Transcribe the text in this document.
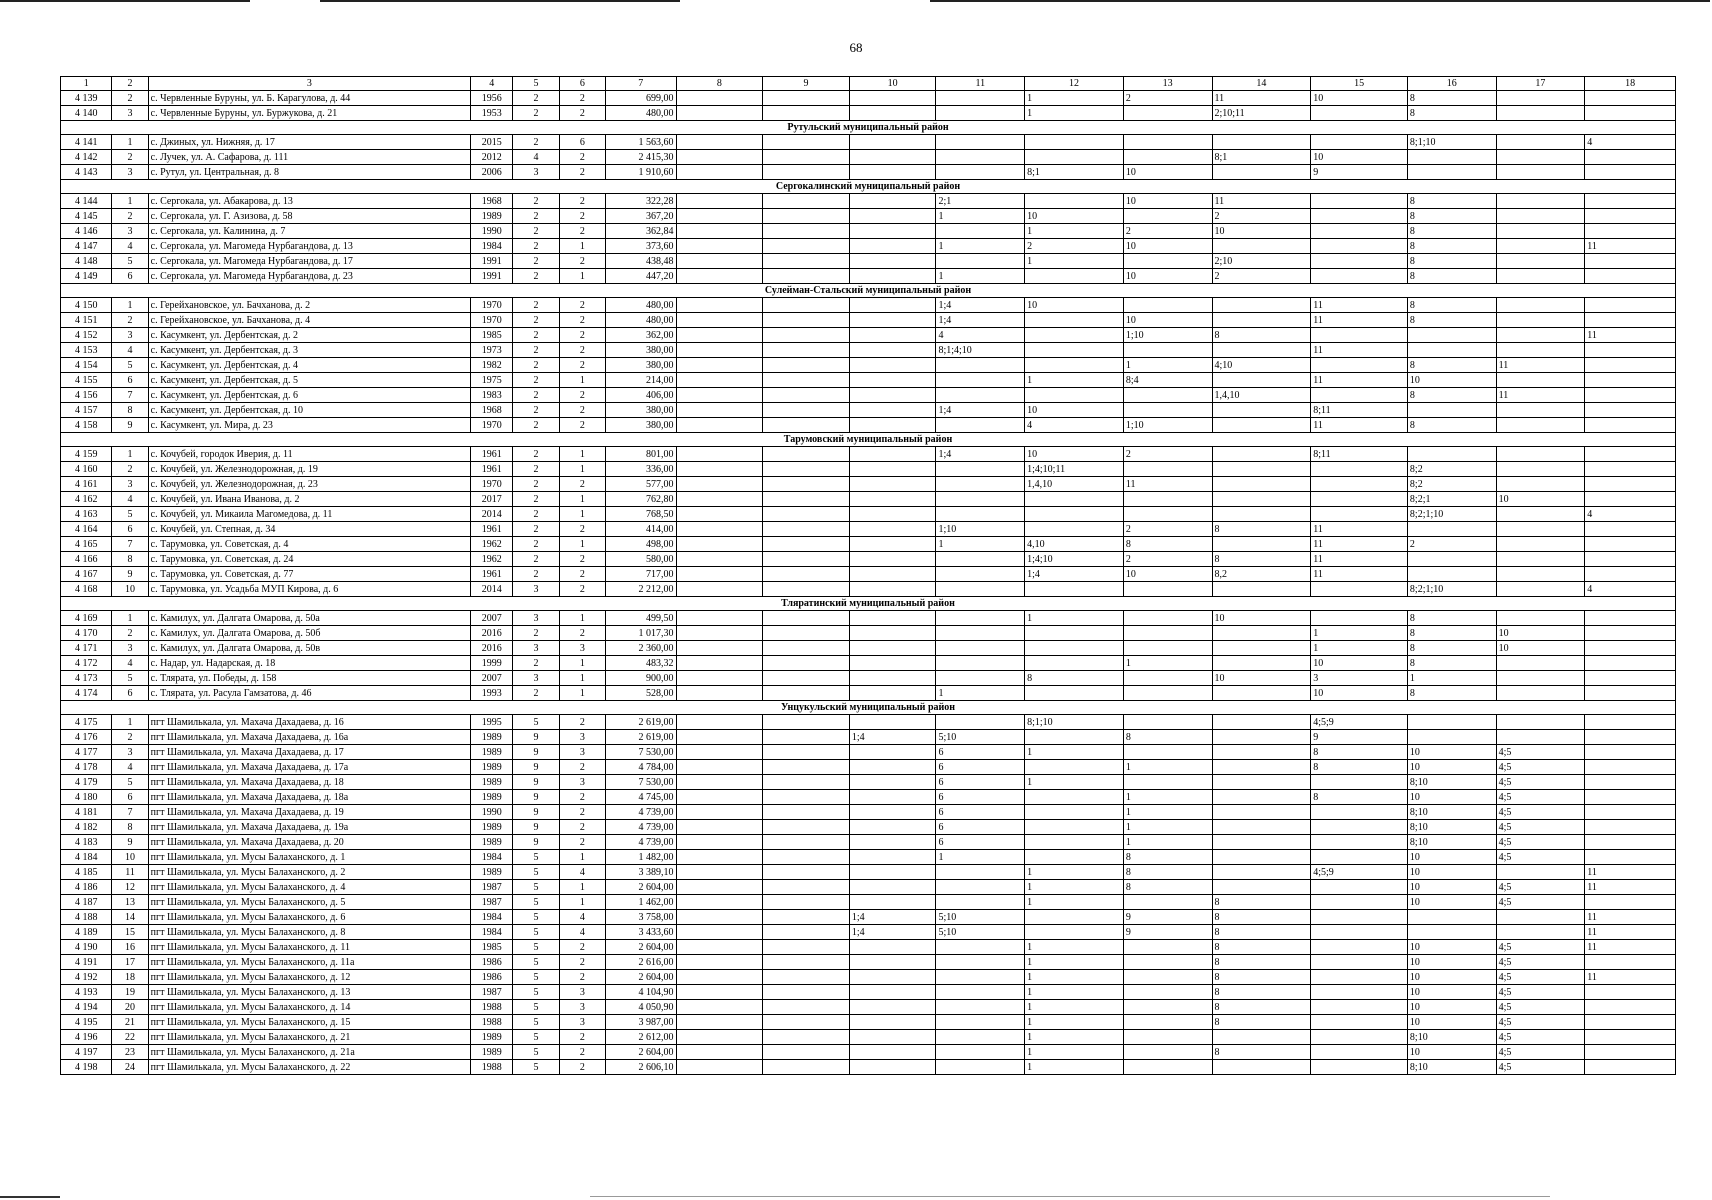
68
1	2	3	4	5	6	7	8	9	10	11	12	13	14	15	16	17	18
4 139	2	с. Червленные Буруны, ул. Б. Карагулова, д. 44	1956	2	2	699,00					1	2	11	10	8		
4 140	3	с. Червленные Буруны, ул. Буржукова, д. 21	1953	2	2	480,00					1		2;10;11		8		
Рутульский муниципальный район																	
4 141	1	с. Джиных, ул. Нижняя, д. 17	2015	2	6	1 563,60									8;1;10		4
4 142	2	с. Лучек, ул. А. Сафарова, д. 111	2012	4	2	2 415,30							8;1	10			
4 143	3	с. Рутул, ул. Центральная, д. 8	2006	3	2	1 910,60					8;1	10		9			
Сергокалинский муниципальный район																	
4 144	1	с. Сергокала, ул. Абакарова, д. 13	1968	2	2	322,28				2;1		10	11		8		
4 145	2	с. Сергокала, ул. Г. Азизова, д. 58	1989	2	2	367,20				1	10		2		8		
4 146	3	с. Сергокала, ул. Калинина, д. 7	1990	2	2	362,84					1	2	10		8		
4 147	4	с. Сергокала, ул. Магомеда Нурбагандова, д. 13	1984	2	1	373,60				1	2	10			8		11
4 148	5	с. Сергокала, ул. Магомеда Нурбагандова, д. 17	1991	2	2	438,48					1		2;10		8		
4 149	6	с. Сергокала, ул. Магомеда Нурбагандова, д. 23	1991	2	1	447,20				1		10	2		8		
Сулейман-Стальский муниципальный район																	
4 150	1	с. Герейхановское, ул. Бачханова, д. 2	1970	2	2	480,00				1;4	10			11	8		
4 151	2	с. Герейхановское, ул. Бачханова, д. 4	1970	2	2	480,00				1;4		10		11	8		
4 152	3	с. Касумкент, ул. Дербентская, д. 2	1985	2	2	362,00				4		1;10	8				11
4 153	4	с. Касумкент, ул. Дербентская, д. 3	1973	2	2	380,00				8;1;4;10				11			
4 154	5	с. Касумкент, ул. Дербентская, д. 4	1982	2	2	380,00						1	4;10		8	11	
4 155	6	с. Касумкент, ул. Дербентская, д. 5	1975	2	1	214,00					1	8;4		11	10		
4 156	7	с. Касумкент, ул. Дербентская, д. 6	1983	2	2	406,00							1,4,10		8	11	
4 157	8	с. Касумкент, ул. Дербентская, д. 10	1968	2	2	380,00				1;4	10			8;11			
4 158	9	с. Касумкент, ул. Мира, д. 23	1970	2	2	380,00					4	1;10		11	8		
Тарумовский муниципальный район																	
4 159	1	с. Кочубей, городок Иверия, д. 11	1961	2	1	801,00				1;4	10	2		8;11			
4 160	2	с. Кочубей, ул. Железнодорожная, д. 19	1961	2	1	336,00					1;4;10;11				8;2		
4 161	3	с. Кочубей, ул. Железнодорожная, д. 23	1970	2	2	577,00					1,4,10	11			8;2		
4 162	4	с. Кочубей, ул. Ивана Иванова, д. 2	2017	2	1	762,80									8;2;1	10	
4 163	5	с. Кочубей, ул. Микаила Магомедова, д. 11	2014	2	1	768,50									8;2;1;10		4
4 164	6	с. Кочубей, ул. Степная, д. 34	1961	2	2	414,00				1;10		2	8	11			
4 165	7	с. Тарумовка, ул. Советская, д. 4	1962	2	1	498,00				1	4,10	8		11	2		
4 166	8	с. Тарумовка, ул. Советская, д. 24	1962	2	2	580,00					1;4;10	2	8	11			
4 167	9	с. Тарумовка, ул. Советская, д. 77	1961	2	2	717,00					1;4	10	8,2	11			
4 168	10	с. Тарумовка, ул. Усадьба МУП Кирова, д. 6	2014	3	2	2 212,00									8;2;1;10		4
Тляратинский муниципальный район																	
4 169	1	с. Камилух, ул. Далгата Омарова, д. 50а	2007	3	1	499,50					1		10		8		
4 170	2	с. Камилух, ул. Далгата Омарова, д. 50б	2016	2	2	1 017,30								1	8	10	
4 171	3	с. Камилух, ул. Далгата Омарова, д. 50в	2016	3	3	2 360,00								1	8	10	
4 172	4	с. Надар, ул. Надарская, д. 18	1999	2	1	483,32						1		10	8		
4 173	5	с. Тлярата, ул. Победы, д. 158	2007	3	1	900,00					8		10	3	1		
4 174	6	с. Тлярата, ул. Расула Гамзатова, д. 46	1993	2	1	528,00				1				10	8		
Унцукульский муниципальный район																	
4 175	1	пгт Шамилькала, ул. Махача Дахадаева, д. 16	1995	5	2	2 619,00					8;1;10			4;5;9			
4 176	2	пгт Шамилькала, ул. Махача Дахадаева, д. 16а	1989	9	3	2 619,00			1;4	5;10		8		9			
4 177	3	пгт Шамилькала, ул. Махача Дахадаева, д. 17	1989	9	3	7 530,00				6	1			8	10	4;5	
4 178	4	пгт Шамилькала, ул. Махача Дахадаева, д. 17а	1989	9	2	4 784,00				6		1		8	10	4;5	
4 179	5	пгт Шамилькала, ул. Махача Дахадаева, д. 18	1989	9	3	7 530,00				6	1				8;10	4;5	
4 180	6	пгт Шамилькала, ул. Махача Дахадаева, д. 18а	1989	9	2	4 745,00				6		1		8	10	4;5	
4 181	7	пгт Шамилькала, ул. Махача Дахадаева, д. 19	1990	9	2	4 739,00				6		1			8;10	4;5	
4 182	8	пгт Шамилькала, ул. Махача Дахадаева, д. 19а	1989	9	2	4 739,00				6		1			8;10	4;5	
4 183	9	пгт Шамилькала, ул. Махача Дахадаева, д. 20	1989	9	2	4 739,00				6		1			8;10	4;5	
4 184	10	пгт Шамилькала, ул. Мусы Балаханского, д. 1	1984	5	1	1 482,00				1		8			10	4;5	
4 185	11	пгт Шамилькала, ул. Мусы Балаханского, д. 2	1989	5	4	3 389,10					1	8		4;5;9	10		11
4 186	12	пгт Шамилькала, ул. Мусы Балаханского, д. 4	1987	5	1	2 604,00					1	8			10	4;5	11
4 187	13	пгт Шамилькала, ул. Мусы Балаханского, д. 5	1987	5	1	1 462,00					1		8		10	4;5	
4 188	14	пгт Шамилькала, ул. Мусы Балаханского, д. 6	1984	5	4	3 758,00			1;4	5;10		9	8				11
4 189	15	пгт Шамилькала, ул. Мусы Балаханского, д. 8	1984	5	4	3 433,60			1;4	5;10		9	8				11
4 190	16	пгт Шамилькала, ул. Мусы Балаханского, д. 11	1985	5	2	2 604,00					1		8		10	4;5	11
4 191	17	пгт Шамилькала, ул. Мусы Балаханского, д. 11а	1986	5	2	2 616,00					1		8		10	4;5	
4 192	18	пгт Шамилькала, ул. Мусы Балаханского, д. 12	1986	5	2	2 604,00					1		8		10	4;5	11
4 193	19	пгт Шамилькала, ул. Мусы Балаханского, д. 13	1987	5	3	4 104,90					1		8		10	4;5	
4 194	20	пгт Шамилькала, ул. Мусы Балаханского, д. 14	1988	5	3	4 050,90					1		8		10	4;5	
4 195	21	пгт Шамилькала, ул. Мусы Балаханского, д. 15	1988	5	3	3 987,00					1		8		10	4;5	
4 196	22	пгт Шамилькала, ул. Мусы Балаханского, д. 21	1989	5	2	2 612,00					1				8;10	4;5	
4 197	23	пгт Шамилькала, ул. Мусы Балаханского, д. 21а	1989	5	2	2 604,00					1		8		10	4;5	
4 198	24	пгт Шамилькала, ул. Мусы Балаханского, д. 22	1988	5	2	2 606,10					1				8;10	4;5	
